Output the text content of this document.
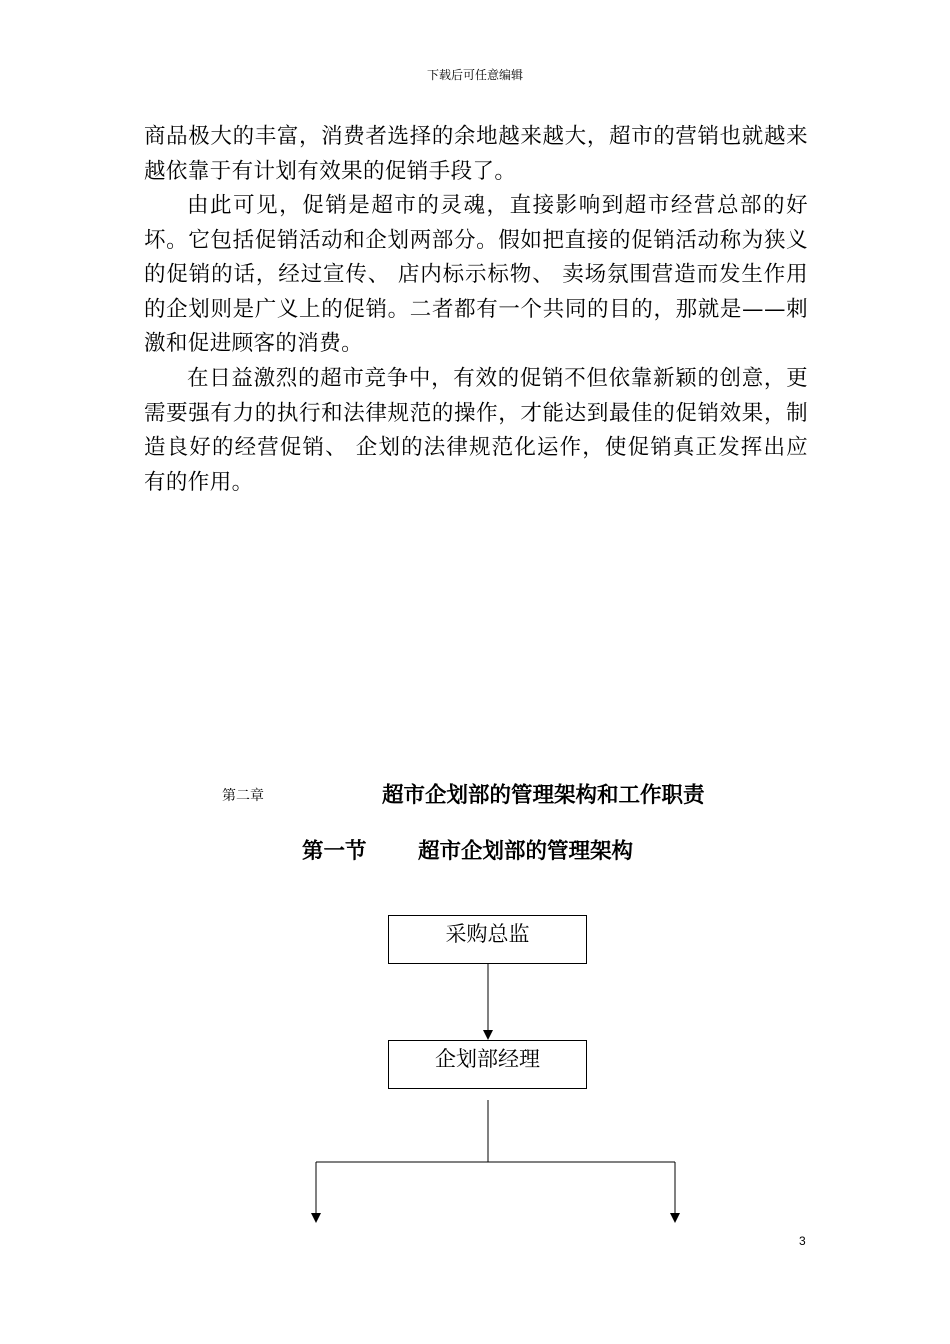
下载后可任意编辑

商品极大的丰富，消费者选择的余地越来越大，超市的营销也就越来越依靠于有计划有效果的促销手段了。

由此可见，促销是超市的灵魂，直接影响到超市经营总部的好坏。它包括促销活动和企划两部分。假如把直接的促销活动称为狭义的促销的话，经过宣传、 店内标示标物、 卖场氛围营造而发生作用的企划则是广义上的促销。二者都有一个共同的目的，那就是——刺激和促进顾客的消费。

在日益激烈的超市竞争中，有效的促销不但依靠新颖的创意，更需要强有力的执行和法律规范的操作，才能达到最佳的促销效果，制造良好的经营促销、 企划的法律规范化运作，使促销真正发挥出应有的作用。

第二章	超市企划部的管理架构和工作职责
第一节 超市企划部的管理架构
采购总监
企划部经理
3
